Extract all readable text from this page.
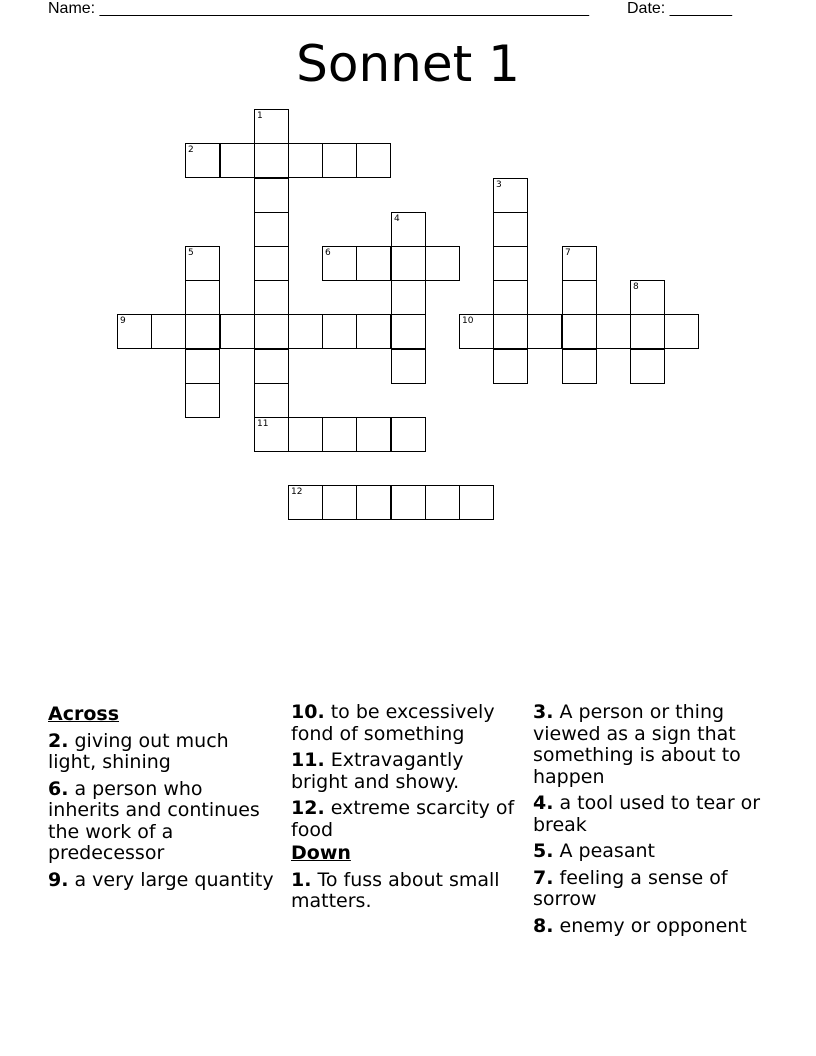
Name: _______________________________________________________ Date: _______
Sonnet 1
1
2
3
4
5	6	7
8
9	10
11
12
Across
2. giving out much light, shining
6. a person who inherits and continues the work of a predecessor
9. a very large quantity
10. to be excessively fond of something
11. Extravagantly bright and showy.
12. extreme scarcity of food
Down
1. To fuss about small matters.
3. A person or thing viewed as a sign that something is about to happen
4. a tool used to tear or break
5. A peasant
7. feeling a sense of sorrow
8. enemy or opponent
